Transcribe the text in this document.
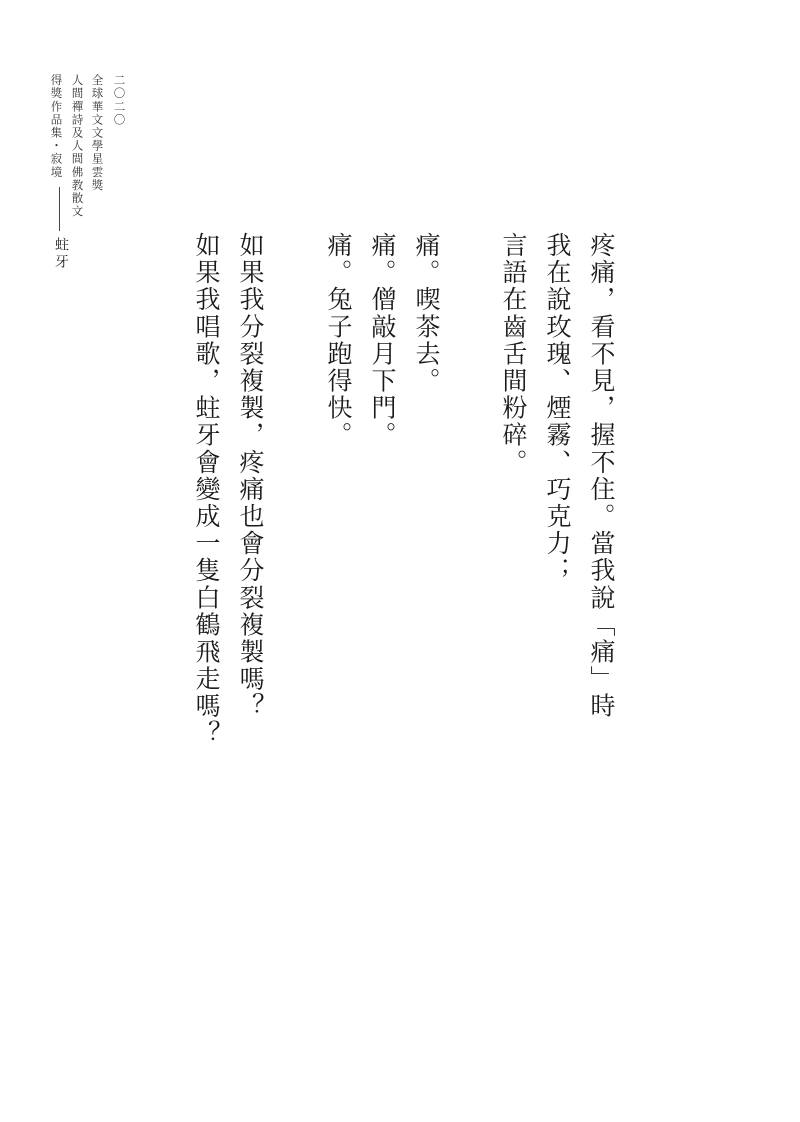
二〇二〇
全球華文文學星雲獎
人間禪詩及人間佛教散文
得獎作品集・寂境
蛀牙	疼痛，看不見，握不住。當我說「痛」時
我在說玫瑰、煙霧、巧克力；
言語在齒舌間粉碎。
痛。喫茶去。
痛。僧敲月下門。
痛。兔子跑得快。
如果我分裂複製，疼痛也會分裂複製嗎？
如果我唱歌，蛀牙會變成一隻白鶴飛走嗎？
